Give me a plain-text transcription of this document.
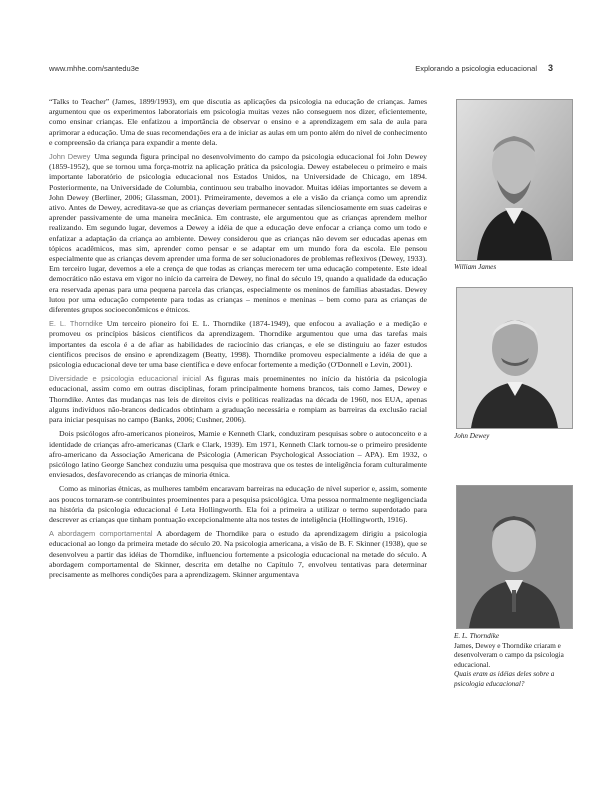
www.mhhe.com/santedu3e	Explorando a psicologia educacional 3

“Talks to Teacher” (James, 1899/1993), em que discutia as aplicações da psicologia na educação de crianças. James argumentou que os experimentos laboratoriais em psicologia muitas vezes não conseguem nos dizer, eficientemente, como ensinar crianças. Ele enfatizou a importância de observar o ensino e a aprendizagem em sala de aula para aprimorar a educação. Uma de suas recomendações era a de iniciar as aulas em um ponto além do nível de conhecimento e compreensão da criança para expandir a mente dela.

John Dewey Uma segunda figura principal no desenvolvimento do campo da psicologia educacional foi John Dewey (1859-1952), que se tornou uma força-motriz na aplicação prática da psicologia. Dewey estabeleceu o primeiro e mais importante laboratório de psicologia educacional nos Estados Unidos, na Universidade de Chicago, em 1894. Posteriormente, na Universidade de Columbia, continuou seu trabalho inovador. Muitas idéias importantes se devem a John Dewey (Berliner, 2006; Glassman, 2001). Primeiramente, devemos a ele a visão da criança como um aprendiz ativo. Antes de Dewey, acreditava-se que as crianças deveriam permanecer sentadas silenciosamente em suas cadeiras e aprender passivamente de uma maneira mecânica. Em contraste, ele argumentou que as crianças aprendem melhor realizando. Em segundo lugar, devemos a Dewey a idéia de que a educação deve enfocar a criança como um todo e enfatizar a adaptação da criança ao ambiente. Dewey considerou que as crianças não devem ser educadas apenas em tópicos acadêmicos, mas sim, aprender como pensar e se adaptar em um mundo fora da escola. Ele pensou especialmente que as crianças devem aprender uma forma de ser solucionadores de problemas reflexivos (Dewey, 1933). Em terceiro lugar, devemos a ele a crença de que todas as crianças merecem ter uma educação competente. Este ideal democrático não estava em vigor no início da carreira de Dewey, no final do século 19, quando a qualidade da educação era reservada apenas para uma pequena parcela das crianças, especialmente os meninos de famílias abastadas. Dewey lutou por uma educação competente para todas as crianças – meninos e meninas – bem como para as crianças de diferentes grupos socioeconômicos e étnicos.

E. L. Thorndike Um terceiro pioneiro foi E. L. Thorndike (1874-1949), que enfocou a avaliação e a medição e promoveu os princípios básicos científicos da aprendizagem. Thorndike argumentou que uma das tarefas mais importantes da escola é a de afiar as habilidades de raciocínio das crianças, e ele se distinguiu ao fazer estudos científicos precisos de ensino e aprendizagem (Beatty, 1998). Thorndike promoveu especialmente a idéia de que a psicologia educacional deve ter uma base científica e deve enfocar fortemente a medição (O'Donnell e Levin, 2001).

Diversidade e psicologia educacional inicial As figuras mais proeminentes no início da história da psicologia educacional, assim como em outras disciplinas, foram principalmente homens brancos, tais como James, Dewey e Thorndike. Antes das mudanças nas leis de direitos civis e políticas realizadas na década de 1960, nos EUA, apenas alguns indivíduos não-brancos dedicados obtinham a graduação necessária e rompiam as barreiras da exclusão racial para iniciar pesquisas no campo (Banks, 2006; Cushner, 2006).

Dois psicólogos afro-americanos pioneiros, Mamie e Kenneth Clark, conduziram pesquisas sobre o autoconceito e a identidade de crianças afro-americanas (Clark e Clark, 1939). Em 1971, Kenneth Clark tornou-se o primeiro presidente afro-americano da Associação Americana de Psicologia (American Psychological Association – APA). Em 1932, o psicólogo latino George Sanchez conduziu uma pesquisa que mostrava que os testes de inteligência foram culturalmente enviesados, desfavorecendo as crianças de minoria étnica.

Como as minorias étnicas, as mulheres também encaravam barreiras na educação de nível superior e, assim, somente aos poucos tornaram-se contribuintes proeminentes para a pesquisa psicológica. Uma pessoa normalmente negligenciada na história da psicologia educacional é Leta Hollingworth. Ela foi a primeira a utilizar o termo superdotado para descrever as crianças que tinham pontuação excepcionalmente alta nos testes de inteligência (Hollingworth, 1916).

A abordagem comportamental A abordagem de Thorndike para o estudo da aprendizagem dirigiu a psicologia educacional ao longo da primeira metade do século 20. Na psicologia americana, a visão de B. F. Skinner (1938), que se desenvolveu a partir das idéias de Thorndike, influenciou fortemente a psicologia educacional na metade do século. A abordagem comportamental de Skinner, descrita em detalhe no Capítulo 7, envolveu tentativas para determinar precisamente as melhores condições para a aprendizagem. Skinner argumentava

William James
John Dewey
E. L. Thorndike
James, Dewey e Thorndike criaram e desenvolveram o campo da psicologia educacional.
Quais eram as idéias deles sobre a psicologia educacional?
